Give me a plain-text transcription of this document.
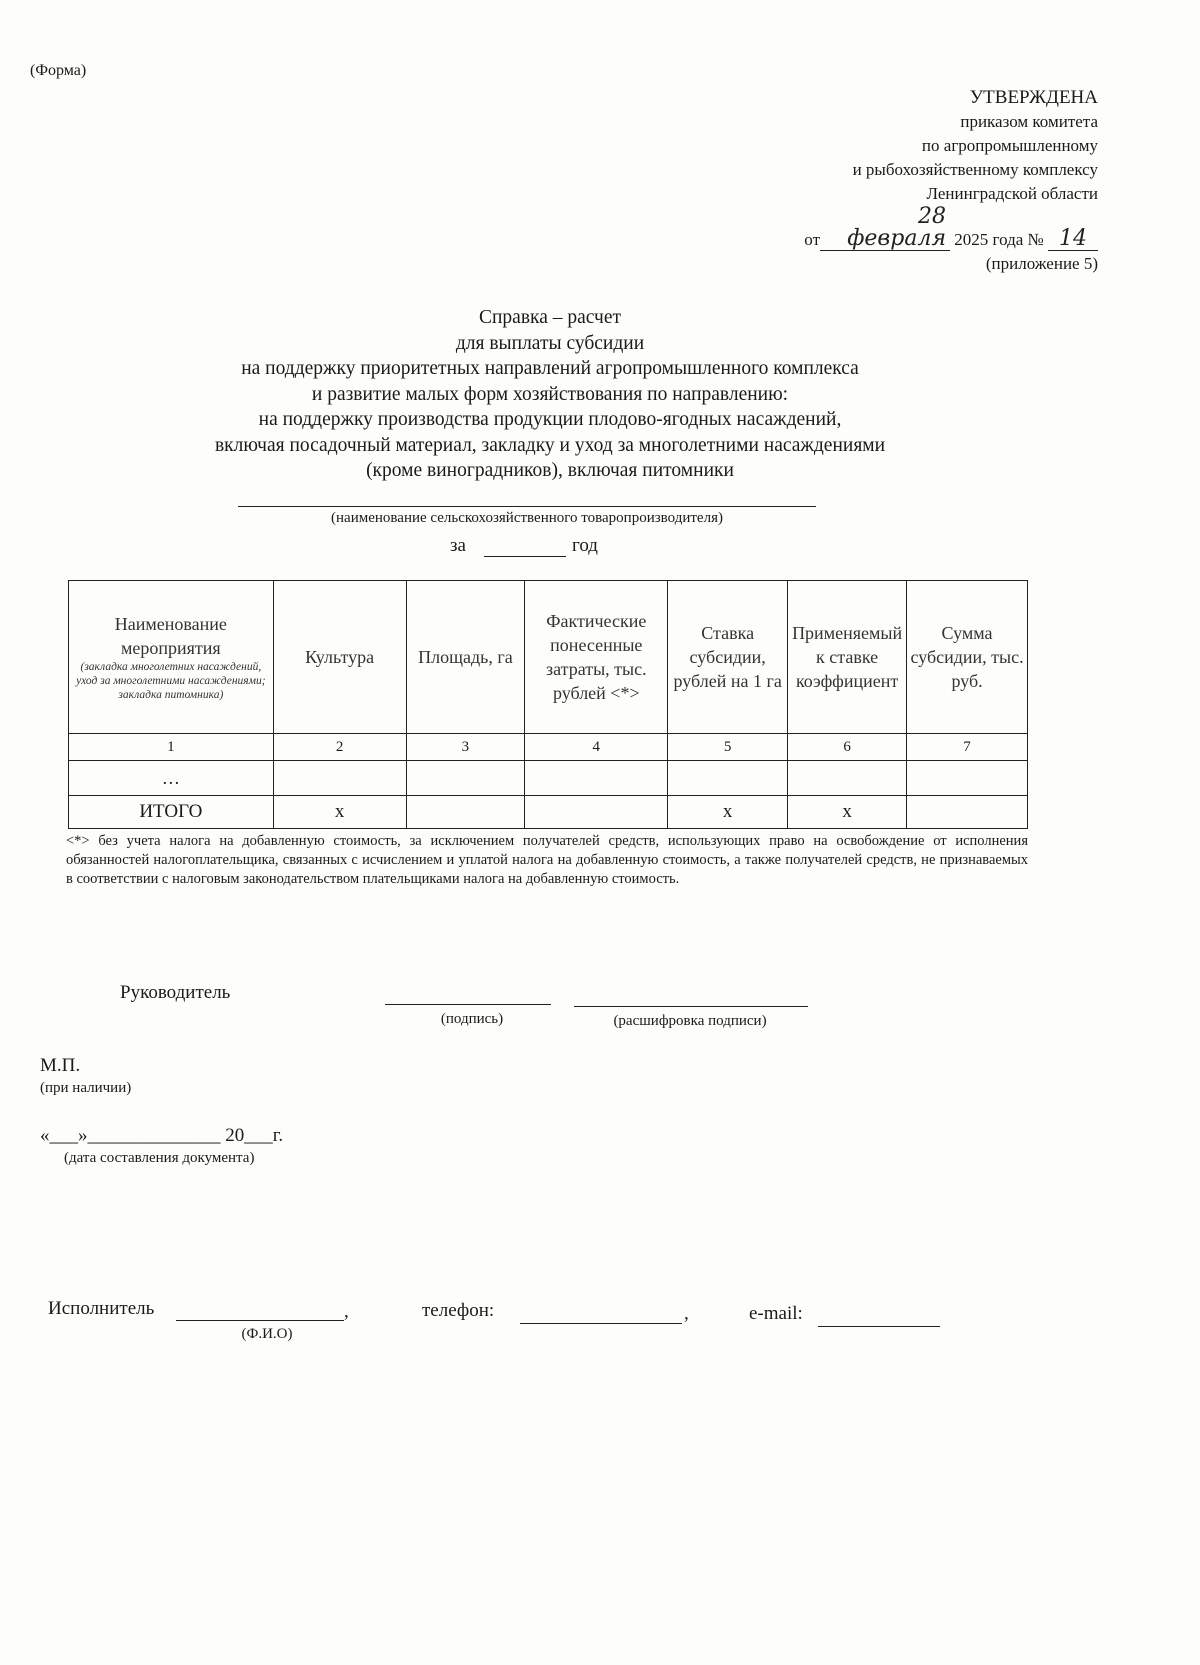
(Форма)
УТВЕРЖДЕНА
приказом комитета
по агропромышленному
и рыбохозяйственному комплексу
Ленинградской области
от28 февраля 2025 года № 14
(приложение 5)
Справка – расчет
для выплаты субсидии
на поддержку приоритетных направлений агропромышленного комплекса
и развитие малых форм хозяйствования по направлению:
на поддержку производства продукции плодово-ягодных насаждений,
включая посадочный материал, закладку и уход за многолетними насаждениями
(кроме виноградников), включая питомники
(наименование сельскохозяйственного товаропроизводителя)
за	год
Наименование мероприятия
(закладка многолетних насаждений, уход за многолетними насаждениями; закладка питомника)	Культура	Площадь, га	Фактические понесенные затраты, тыс. рублей <*>	Ставка субсидии, рублей на 1 га	Применяемый к ставке коэффициент	Сумма субсидии, тыс. руб.
1	2	3	4	5	6	7
…						
ИТОГО	х			х	х	
<*> без учета налога на добавленную стоимость, за исключением получателей средств, использующих право на освобождение от исполнения обязанностей налогоплательщика, связанных с исчислением и уплатой налога на добавленную стоимость, а также получателей средств, не признаваемых в соответствии с налоговым законодательством плательщиками налога на добавленную стоимость.
Руководитель
(подпись)	(расшифровка подписи)
М.П.
(при наличии)
«___»______________ 20___г.
(дата составления документа)
Исполнитель	,
(Ф.И.О)
телефон:	,	e-mail:
